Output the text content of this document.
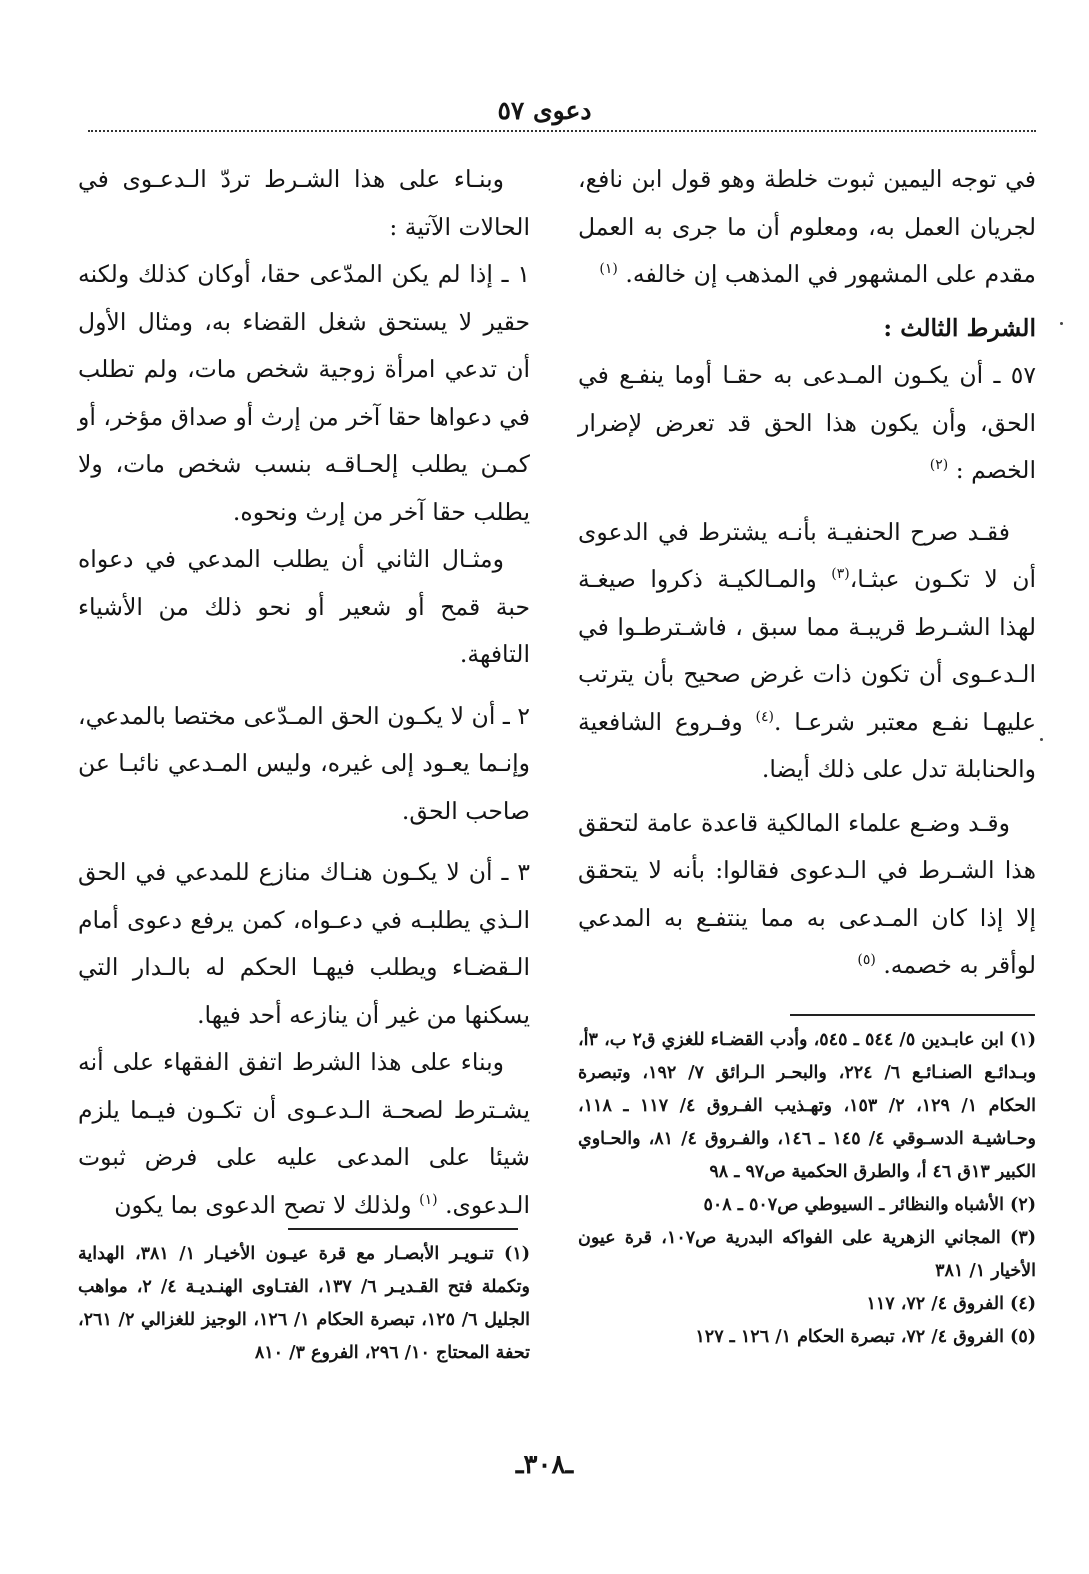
دعوى ٥٧

في توجه اليمين ثبوت خلطة وهو قول ابن نافع، لجريان العمل به، ومعلوم أن ما جرى به العمل مقدم على المشهور في المذهب إن خالفه. $^{(١)}$

الشرط الثالث :

٥٧ ـ أن يكـون المـدعى به حقـا أوما ينفـع في الحق، وأن يكون هذا الحق قد تعرض لإضرار الخصم : $^{(٢)}$

فقـد صرح الحنفيـة بأنـه يشترط في الدعوى أن لا تكـون عبثـا،$^{(٣)}$ والمـالكيـة ذكروا صيغـة لهذا الشـرط قريبـة مما سبق ، فاشـترطـوا في الـدعـوى أن تكون ذات غرض صحيح بأن يترتب عليهـا نفـع معتبر شرعـا .$^{(٤)}$ وفـروع الشافعية والحنابلة تدل على ذلك أيضا.

وقـد وضـع علماء المالكية قاعدة عامة لتحقق هذا الشـرط في الـدعوى فقالوا: بأنه لا يتحقق إلا إذا كان المـدعى به مما ينتفـع به المدعي لوأقر به خصمه. $^{(٥)}$

وبنـاء على هذا الشـرط تردّ الـدعـوى في الحالات الآتية :

١ ـ إذا لم يكن المدّعى حقا، أوكان كذلك ولكنه حقير لا يستحق شغل القضاء به، ومثال الأول أن تدعي امرأة زوجية شخص مات، ولم تطلب في دعواها حقا آخر من إرث أو صداق مؤخر، أو كمـن يطلب إلحـاقـه بنسب شخص مات، ولا يطلب حقا آخر من إرث ونحوه.

ومثـال الثاني أن يطلب المدعي في دعواه حبة قمح أو شعير أو نحو ذلك من الأشياء التافهة.

٢ ـ أن لا يكـون الحق المـدّعى مختصا بالمدعي، وإنـما يعـود إلى غيره، وليس المـدعي نائبـا عن صاحب الحق.

٣ ـ أن لا يكـون هنـاك منازع للمدعي في الحق الـذي يطلبـه في دعـواه، كمن يرفع دعوى أمام الـقضـاء ويطلب فيهـا الحكم له بالـدار التي يسكنها من غير أن ينازعه أحد فيها.

وبناء على هذا الشرط اتفق الفقهاء على أنه يشـترط لصحـة الـدعـوى أن تكـون فيـما يلزم شيئا على المدعى عليه على فرض ثبوت الـدعوى. $^{(١)}$ ولذلك لا تصح الدعوى بما يكون

(١) ابن عابـدين ٥/ ٥٤٤ ـ ٥٤٥، وأدب القضـاء للغزي ق٢ ب، ٣أ، وبـدائـع الصنـائـع ٦/ ٢٢٤، والبحـر الـرائق ٧/ ١٩٢، وتبصرة الحكام ١/ ١٢٩، ٢/ ١٥٣، وتهـذيب الفـروق ٤/ ١١٧ ـ ١١٨، وحـاشيـة الدسـوقي ٤/ ١٤٥ ـ ١٤٦، والفـروق ٤/ ٨١، والحـاوي الكبير ١٣ق ٤٦ أ، والطرق الحكمية ص٩٧ ـ ٩٨

(٢) الأشباه والنظائر ـ السيوطي ص٥٠٧ ـ ٥٠٨

(٣) المجاني الزهرية على الفواكه البدرية ص١٠٧، قرة عيون الأخيار ١/ ٣٨١

(٤) الفروق ٤/ ٧٢، ١١٧

(٥) الفروق ٤/ ٧٢، تبصرة الحكام ١/ ١٢٦ ـ ١٢٧

(١) تنـويـر الأبصـار مع قرة عيـون الأخيـار ١/ ٣٨١، الهداية وتكملة فتح القـديـر ٦/ ١٣٧، الفتـاوى الهنـديـة ٤/ ٢، مواهب الجليل ٦/ ١٢٥، تبصرة الحكام ١/ ١٢٦، الوجيز للغزالي ٢/ ٢٦١، تحفة المحتاج ١٠/ ٢٩٦، الفروع ٣/ ٨١٠

ـ٣٠٨ـ
